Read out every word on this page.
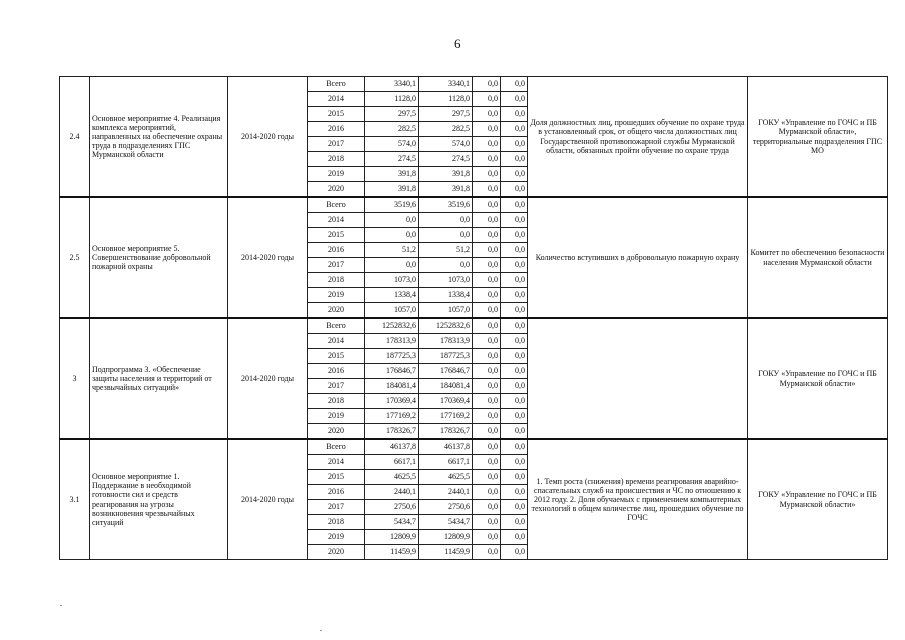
6
2.4	Основное мероприятие 4. Реализация комплекса мероприятий, направленных на обеспечение охраны труда в подразделениях ГПС Мурманской области	2014-2020 годы	Всего	3340,1	3340,1	0,0	0,0	Доля должностных лиц, прошедших обучение по охране труда в установленный срок, от общего числа должностных лиц Государственной противопожарной службы Мурманской области, обязанных пройти обучение по охране труда	ГОКУ «Управление по ГОЧС и ПБ Мурманской области», территориальные подразделения ГПС МО
			2014	1128,0	1128,0	0,0	0,0		
			2015	297,5	297,5	0,0	0,0		
			2016	282,5	282,5	0,0	0,0		
			2017	574,0	574,0	0,0	0,0		
			2018	274,5	274,5	0,0	0,0		
			2019	391,8	391,8	0,0	0,0		
			2020	391,8	391,8	0,0	0,0		
2.5	Основное мероприятие 5. Совершенствование добровольной пожарной охраны	2014-2020 годы	Всего	3519,6	3519,6	0,0	0,0	Количество вступивших в добровольную пожарную охрану	Комитет по обеспечению безопасности населения Мурманской области
			2014	0,0	0,0	0,0	0,0		
			2015	0,0	0,0	0,0	0,0		
			2016	51,2	51,2	0,0	0,0		
			2017	0,0	0,0	0,0	0,0		
			2018	1073,0	1073,0	0,0	0,0		
			2019	1338,4	1338,4	0,0	0,0		
			2020	1057,0	1057,0	0,0	0,0		
3	Подпрограмма 3. «Обеспечение защиты населения и территорий от чрезвычайных ситуаций»	2014-2020 годы	Всего	1252832,6	1252832,6	0,0	0,0		ГОКУ «Управление по ГОЧС и ПБ Мурманской области»
			2014	178313,9	178313,9	0,0	0,0		
			2015	187725,3	187725,3	0,0	0,0		
			2016	176846,7	176846,7	0,0	0,0		
			2017	184081,4	184081,4	0,0	0,0		
			2018	170369,4	170369,4	0,0	0,0		
			2019	177169,2	177169,2	0,0	0,0		
			2020	178326,7	178326,7	0,0	0,0		
3.1	Основное мероприятие 1. Поддержание в необходимой готовности сил и средств реагирования на угрозы возникновения чрезвычайных ситуаций	2014-2020 годы	Всего	46137,8	46137,8	0,0	0,0	1. Темп роста (снижения) времени реагирования аварийно-спасательных служб на происшествия и ЧС по отношению к 2012 году. 2. Доля обучаемых с применением компьютерных технологий в общем количестве лиц, прошедших обучение по ГОЧС	ГОКУ «Управление по ГОЧС и ПБ Мурманской области»
			2014	6617,1	6617,1	0,0	0,0		
			2015	4625,5	4625,5	0,0	0,0		
			2016	2440,1	2440,1	0,0	0,0		
			2017	2750,6	2750,6	0,0	0,0		
			2018	5434,7	5434,7	0,0	0,0		
			2019	12809,9	12809,9	0,0	0,0		
			2020	11459,9	11459,9	0,0	0,0		
